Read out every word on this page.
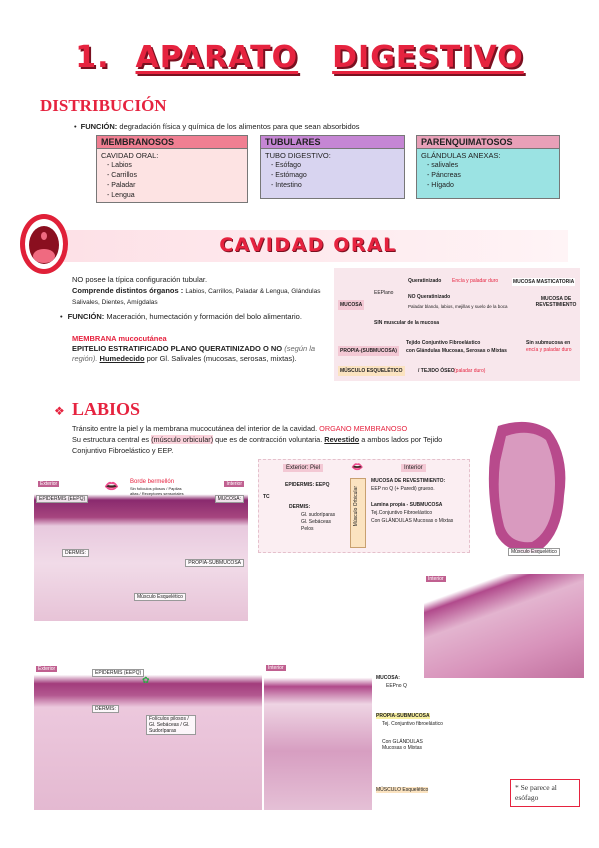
1. APARATO DIGESTIVO
DISTRIBUCIÓN
• FUNCIÓN: degradación física y química de los alimentos para que sean absorbidos
MEMBRANOSOS
CAVIDAD ORAL:
- Labios
- Carrillos
- Paladar
- Lengua
TUBULARES
TUBO DIGESTIVO:
- Esófago
- Estómago
- Intestino
PARENQUIMATOSOS
GLÁNDULAS ANEXAS:
- salivales
- Páncreas
- Hígado
CAVIDAD ORAL
NO posee la típica configuración tubular.
Comprende distintos órganos : Labios, Carrillos, Paladar & Lengua, Glándulas Salivales, Dientes, Amígdalas
• FUNCIÓN: Maceración, humectación y formación del bolo alimentario.
MEMBRANA mucocutánea
EPITELIO ESTRATIFICADO PLANO QUERATINIZADO O NO (según la región). Humedecido por Gl. Salivales (mucosas, serosas, mixtas).
MUCOSA
EEPlano
Queratinizado Encía y paladar duro	MUCOSA MASTICATORIA
NO Queratinizado
Paladar blando, labios, mejillas y suelo de la boca
MUCOSA DE REVESTIMIENTO
SIN muscular de la mucosa
PROPIA-(SUBMUCOSA)
Tejido Conjuntivo Fibroelástico
con Glándulas Mucosas, Serosas o Mixtas
Sin submucosa en
encía y paladar duro
MÚSCULO ESQUELÉTICO	/ TEJIDO ÓSEO (paladar duro)
❖ LABIOS
Tránsito entre la piel y la membrana mucocutánea del interior de la cavidad. ORGANO MEMBRANOSO
Su estructura central es (músculo orbicular) que es de contracción voluntaria. Revestido a ambos lados por Tejido Conjuntivo Fibroelástico y EEP.
Exterior	Interior
Borde bermellón
Sin folículos pilosos / Papilas altas / Receptores sensoriales
👄
EPIDERMIS (EEPQ)	MUCOSA:
DERMIS:
PROPIA-SUBMUCOSA
Músculo Esquelético
Exterior: Piel	👄	Interior
EPIDERMIS: EEPQ
TC
DERMIS:
Gl. sudoríparas
Gl. Sebáceas
Pelos
Músculo Orbicular
MUCOSA DE REVESTIMIENTO:
EEP no Q (+ Paredi) grueso.
Lamina propia - SUBMUCOSA
Tej.Conjuntivo Fibroelástico
Con GLÁNDULAS Mucosas o Mixtas
Músculo Esquelético
Interior
Exterior
EPIDERMIS (EEPQ)
✿
DERMIS:
Folículos pilosos / Gl. Sebáceas / Gl. Sudoríparas
Interior
MUCOSA:
EEPno Q
PROPIA-SUBMUCOSA
Tej. Conjuntivo fibroelástico
Con GLÁNDULAS Mucosas o Mixtas
MÚSCULO Esquelético	* Se parece al esófago
